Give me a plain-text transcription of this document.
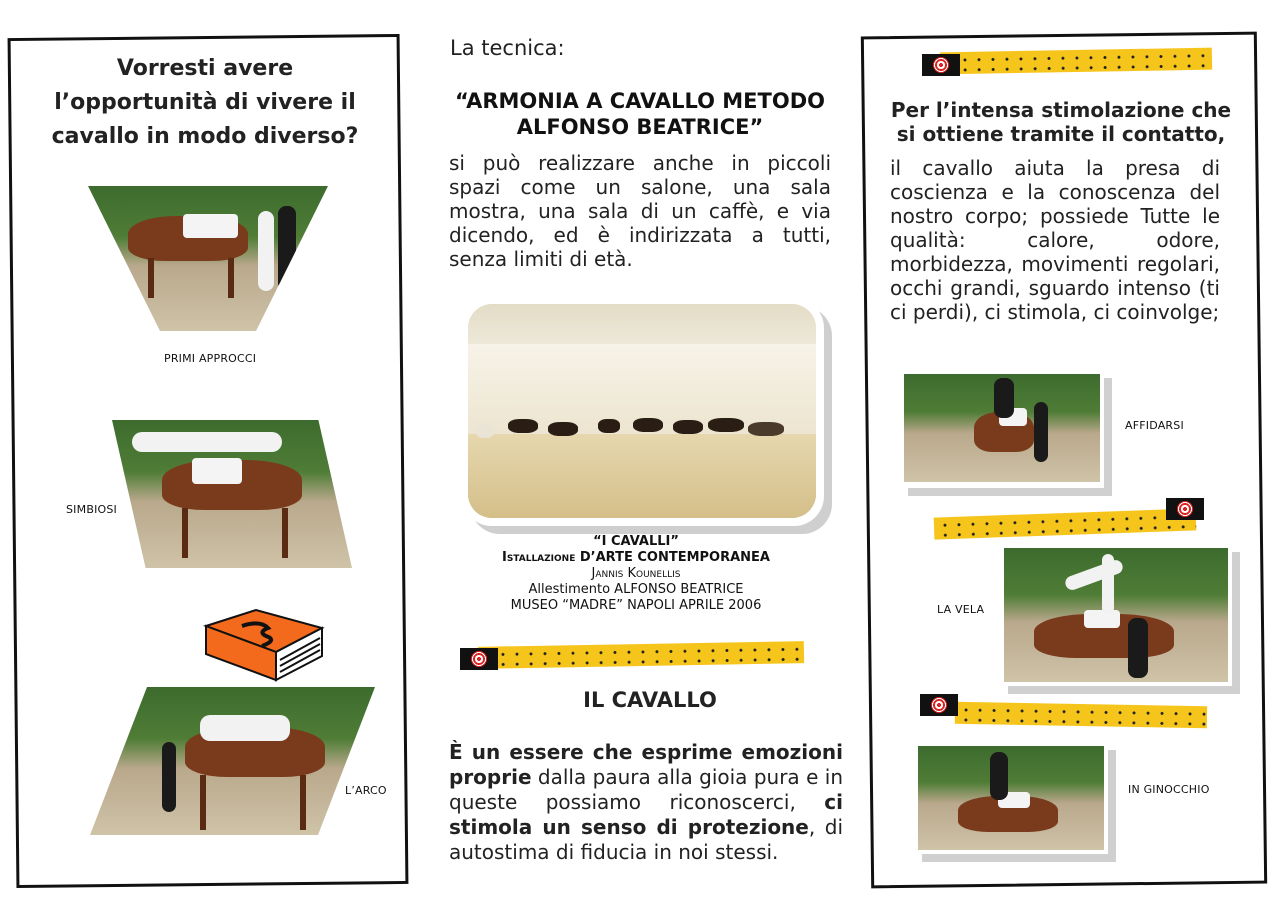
Vorresti avere l’opportunità di vivere il cavallo in modo diverso?
PRIMI APPROCCI
SIMBIOSI
L’ARCO
La tecnica:
“ARMONIA A CAVALLO METODO ALFONSO BEATRICE”
si può realizzare anche in piccoli spazi come un salone, una sala mostra, una sala di un caffè, e via dicendo, ed è indirizzata a tutti, senza limiti di età.
“I CAVALLI”
Istallazione D’ARTE CONTEMPORANEA
Jannis Kounellis
Allestimento ALFONSO BEATRICE
MUSEO “MADRE” NAPOLI APRILE 2006
IL CAVALLO
È un essere che esprime emozioni proprie dalla paura alla gioia pura e in queste possiamo riconoscerci, ci stimola un senso di protezione, di autostima di fiducia in noi stessi.
Per l’intensa stimolazione che si ottiene tramite il contatto,
il cavallo aiuta la presa di coscienza e la conoscenza del nostro corpo; possiede Tutte le qualità: calore, odore, morbidezza, movimenti regolari, occhi grandi, sguardo intenso (ti ci perdi), ci stimola, ci coinvolge;
AFFIDARSI
LA VELA
IN GINOCCHIO
